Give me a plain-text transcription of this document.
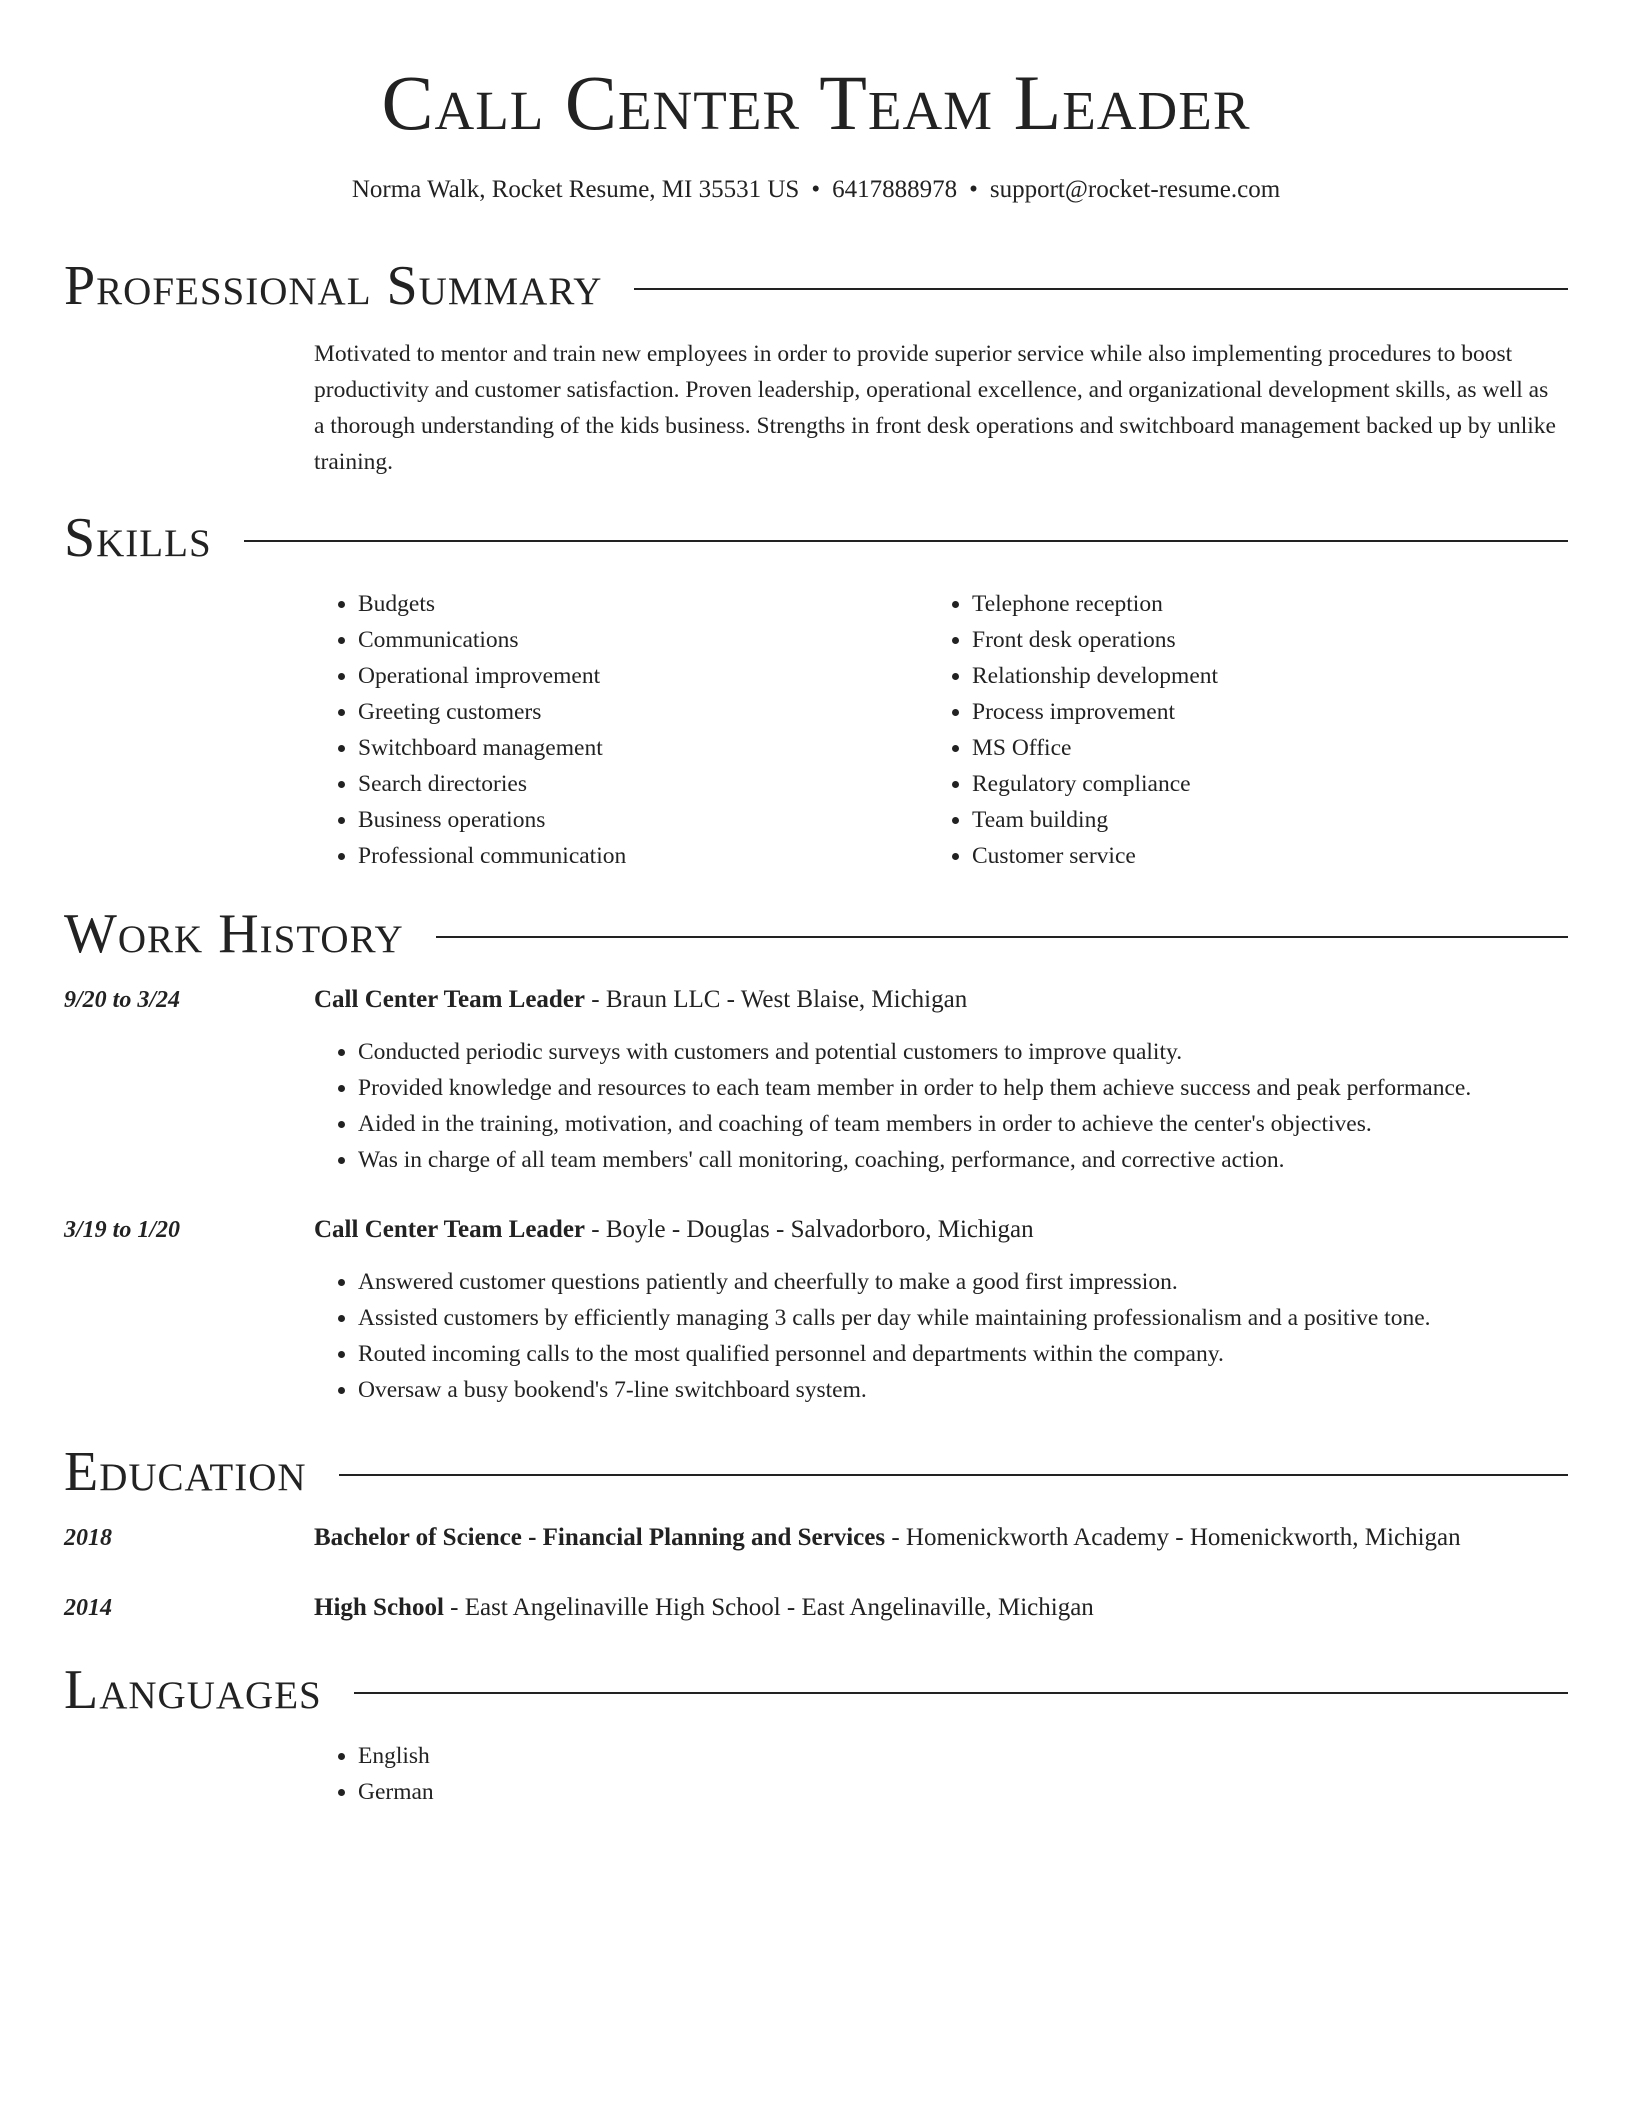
Call Center Team Leader
Norma Walk, Rocket Resume, MI 35531 US • 6417888978 • support@rocket-resume.com
Professional Summary
Motivated to mentor and train new employees in order to provide superior service while also implementing procedures to boost productivity and customer satisfaction. Proven leadership, operational excellence, and organizational development skills, as well as a thorough understanding of the kids business. Strengths in front desk operations and switchboard management backed up by unlike training.
Skills
• Budgets
• Communications
• Operational improvement
• Greeting customers
• Switchboard management
• Search directories
• Business operations
• Professional communication
• Telephone reception
• Front desk operations
• Relationship development
• Process improvement
• MS Office
• Regulatory compliance
• Team building
• Customer service
Work History
9/20 to 3/24	Call Center Team Leader - Braun LLC - West Blaise, Michigan
• Conducted periodic surveys with customers and potential customers to improve quality.
• Provided knowledge and resources to each team member in order to help them achieve success and peak performance.
• Aided in the training, motivation, and coaching of team members in order to achieve the center's objectives.
• Was in charge of all team members' call monitoring, coaching, performance, and corrective action.
3/19 to 1/20	Call Center Team Leader - Boyle - Douglas - Salvadorboro, Michigan
• Answered customer questions patiently and cheerfully to make a good first impression.
• Assisted customers by efficiently managing 3 calls per day while maintaining professionalism and a positive tone.
• Routed incoming calls to the most qualified personnel and departments within the company.
• Oversaw a busy bookend's 7-line switchboard system.
Education
2018	Bachelor of Science - Financial Planning and Services - Homenickworth Academy - Homenickworth, Michigan
2014	High School - East Angelinaville High School - East Angelinaville, Michigan
Languages
• English
• German
